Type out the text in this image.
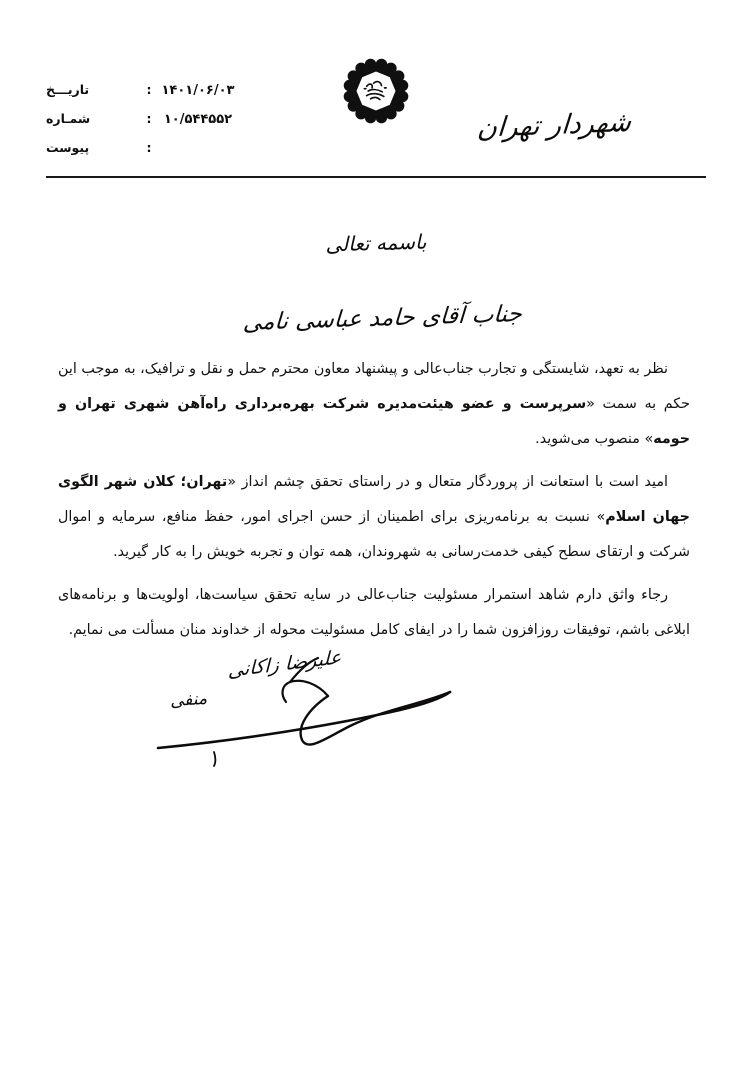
۱۴۰۱/۰۶/۰۳
:
تاریـــخ
۱۰/۵۴۴۵۵۲
:
شمـاره
:
پیوست
شهردار تهران
باسمه تعالی
جناب آقای حامد عباسی نامی

نظر به تعهد، شایستگی و تجارب جناب‌عالی و پیشنهاد معاون محترم حمل و نقل و ترافیک، به موجب این حکم به سمت «سرپرست و عضو هیئت‌مدیره شرکت بهره‌برداری راه‌آهن شهری تهران و حومه» منصوب می‌شوید.

امید است با استعانت از پروردگار متعال و در راستای تحقق چشم انداز «تهران؛ کلان شهر الگوی جهان اسلام» نسبت به برنامه‌ریزی برای اطمینان از حسن اجرای امور، حفظ منافع، سرمایه و اموال شرکت و ارتقای سطح کیفی خدمت‌رسانی به شهروندان، همه توان و تجربه خویش را به کار گیرید.

رجاء واثق دارم شاهد استمرار مسئولیت جناب‌عالی در سایه تحقق سیاست‌ها، اولویت‌ها و برنامه‌های ابلاغی باشم، توفیقات روزافزون شما را در ایفای کامل مسئولیت محوله از خداوند منان مسألت می نمایم.

علیرضا زاکانی
منفی
